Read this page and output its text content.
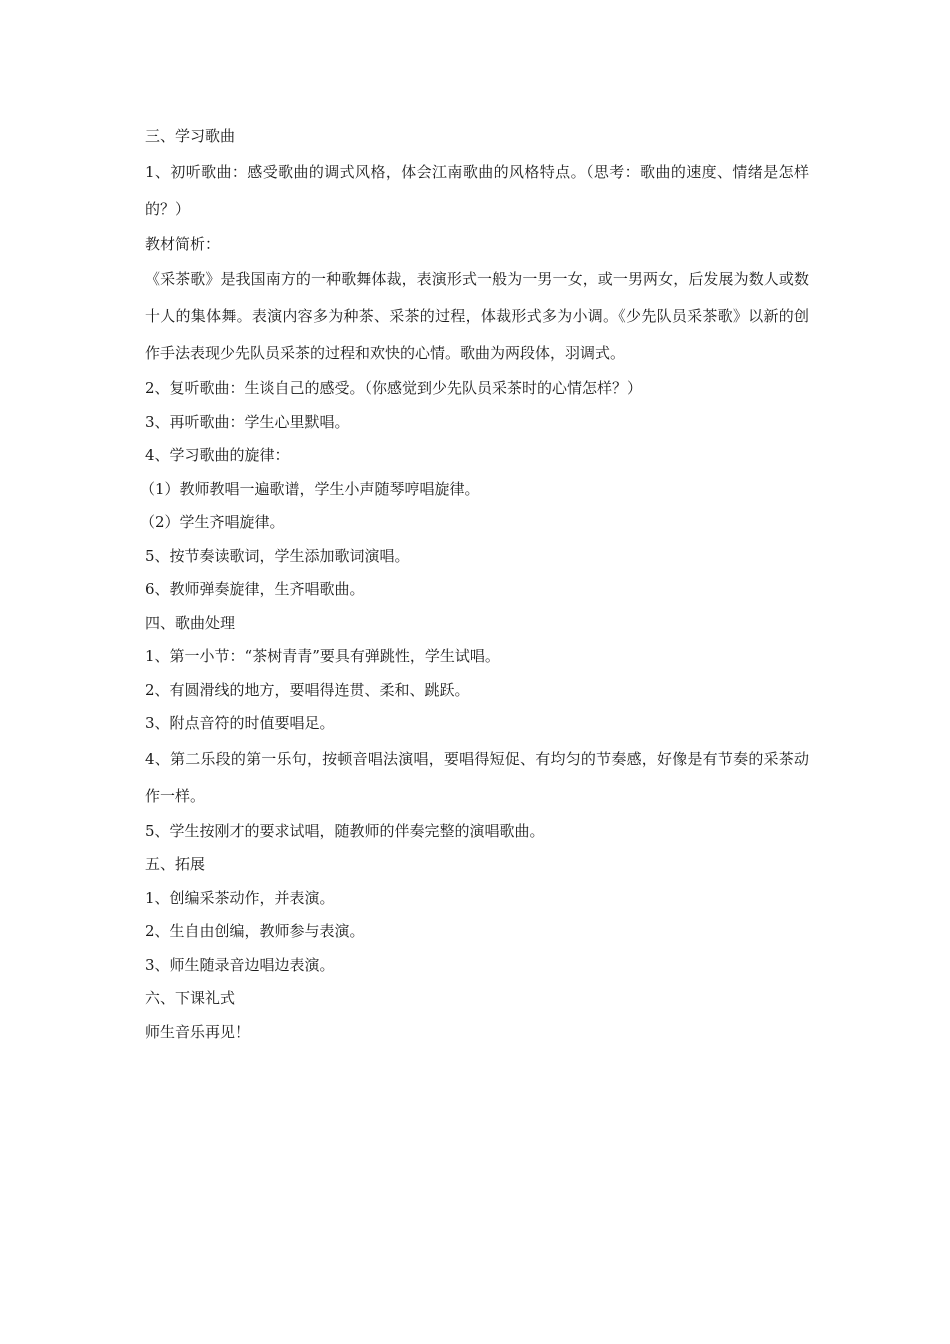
三、学习歌曲

1、初听歌曲：感受歌曲的调式风格，体会江南歌曲的风格特点。（思考：歌曲的速度、情绪是怎样的？）

教材简析：

《采茶歌》是我国南方的一种歌舞体裁，表演形式一般为一男一女，或一男两女，后发展为数人或数十人的集体舞。表演内容多为种茶、采茶的过程，体裁形式多为小调。《少先队员采茶歌》以新的创作手法表现少先队员采茶的过程和欢快的心情。歌曲为两段体，羽调式。

2、复听歌曲：生谈自己的感受。（你感觉到少先队员采茶时的心情怎样？）

3、再听歌曲：学生心里默唱。

4、学习歌曲的旋律：

（1）教师教唱一遍歌谱，学生小声随琴哼唱旋律。

（2）学生齐唱旋律。

5、按节奏读歌词，学生添加歌词演唱。

6、教师弹奏旋律，生齐唱歌曲。

四、歌曲处理

1、第一小节：“茶树青青”要具有弹跳性，学生试唱。

2、有圆滑线的地方，要唱得连贯、柔和、跳跃。

3、附点音符的时值要唱足。

4、第二乐段的第一乐句，按顿音唱法演唱，要唱得短促、有均匀的节奏感，好像是有节奏的采茶动作一样。

5、学生按刚才的要求试唱，随教师的伴奏完整的演唱歌曲。

五、拓展

1、创编采茶动作，并表演。

2、生自由创编，教师参与表演。

3、师生随录音边唱边表演。

六、下课礼式

师生音乐再见！
